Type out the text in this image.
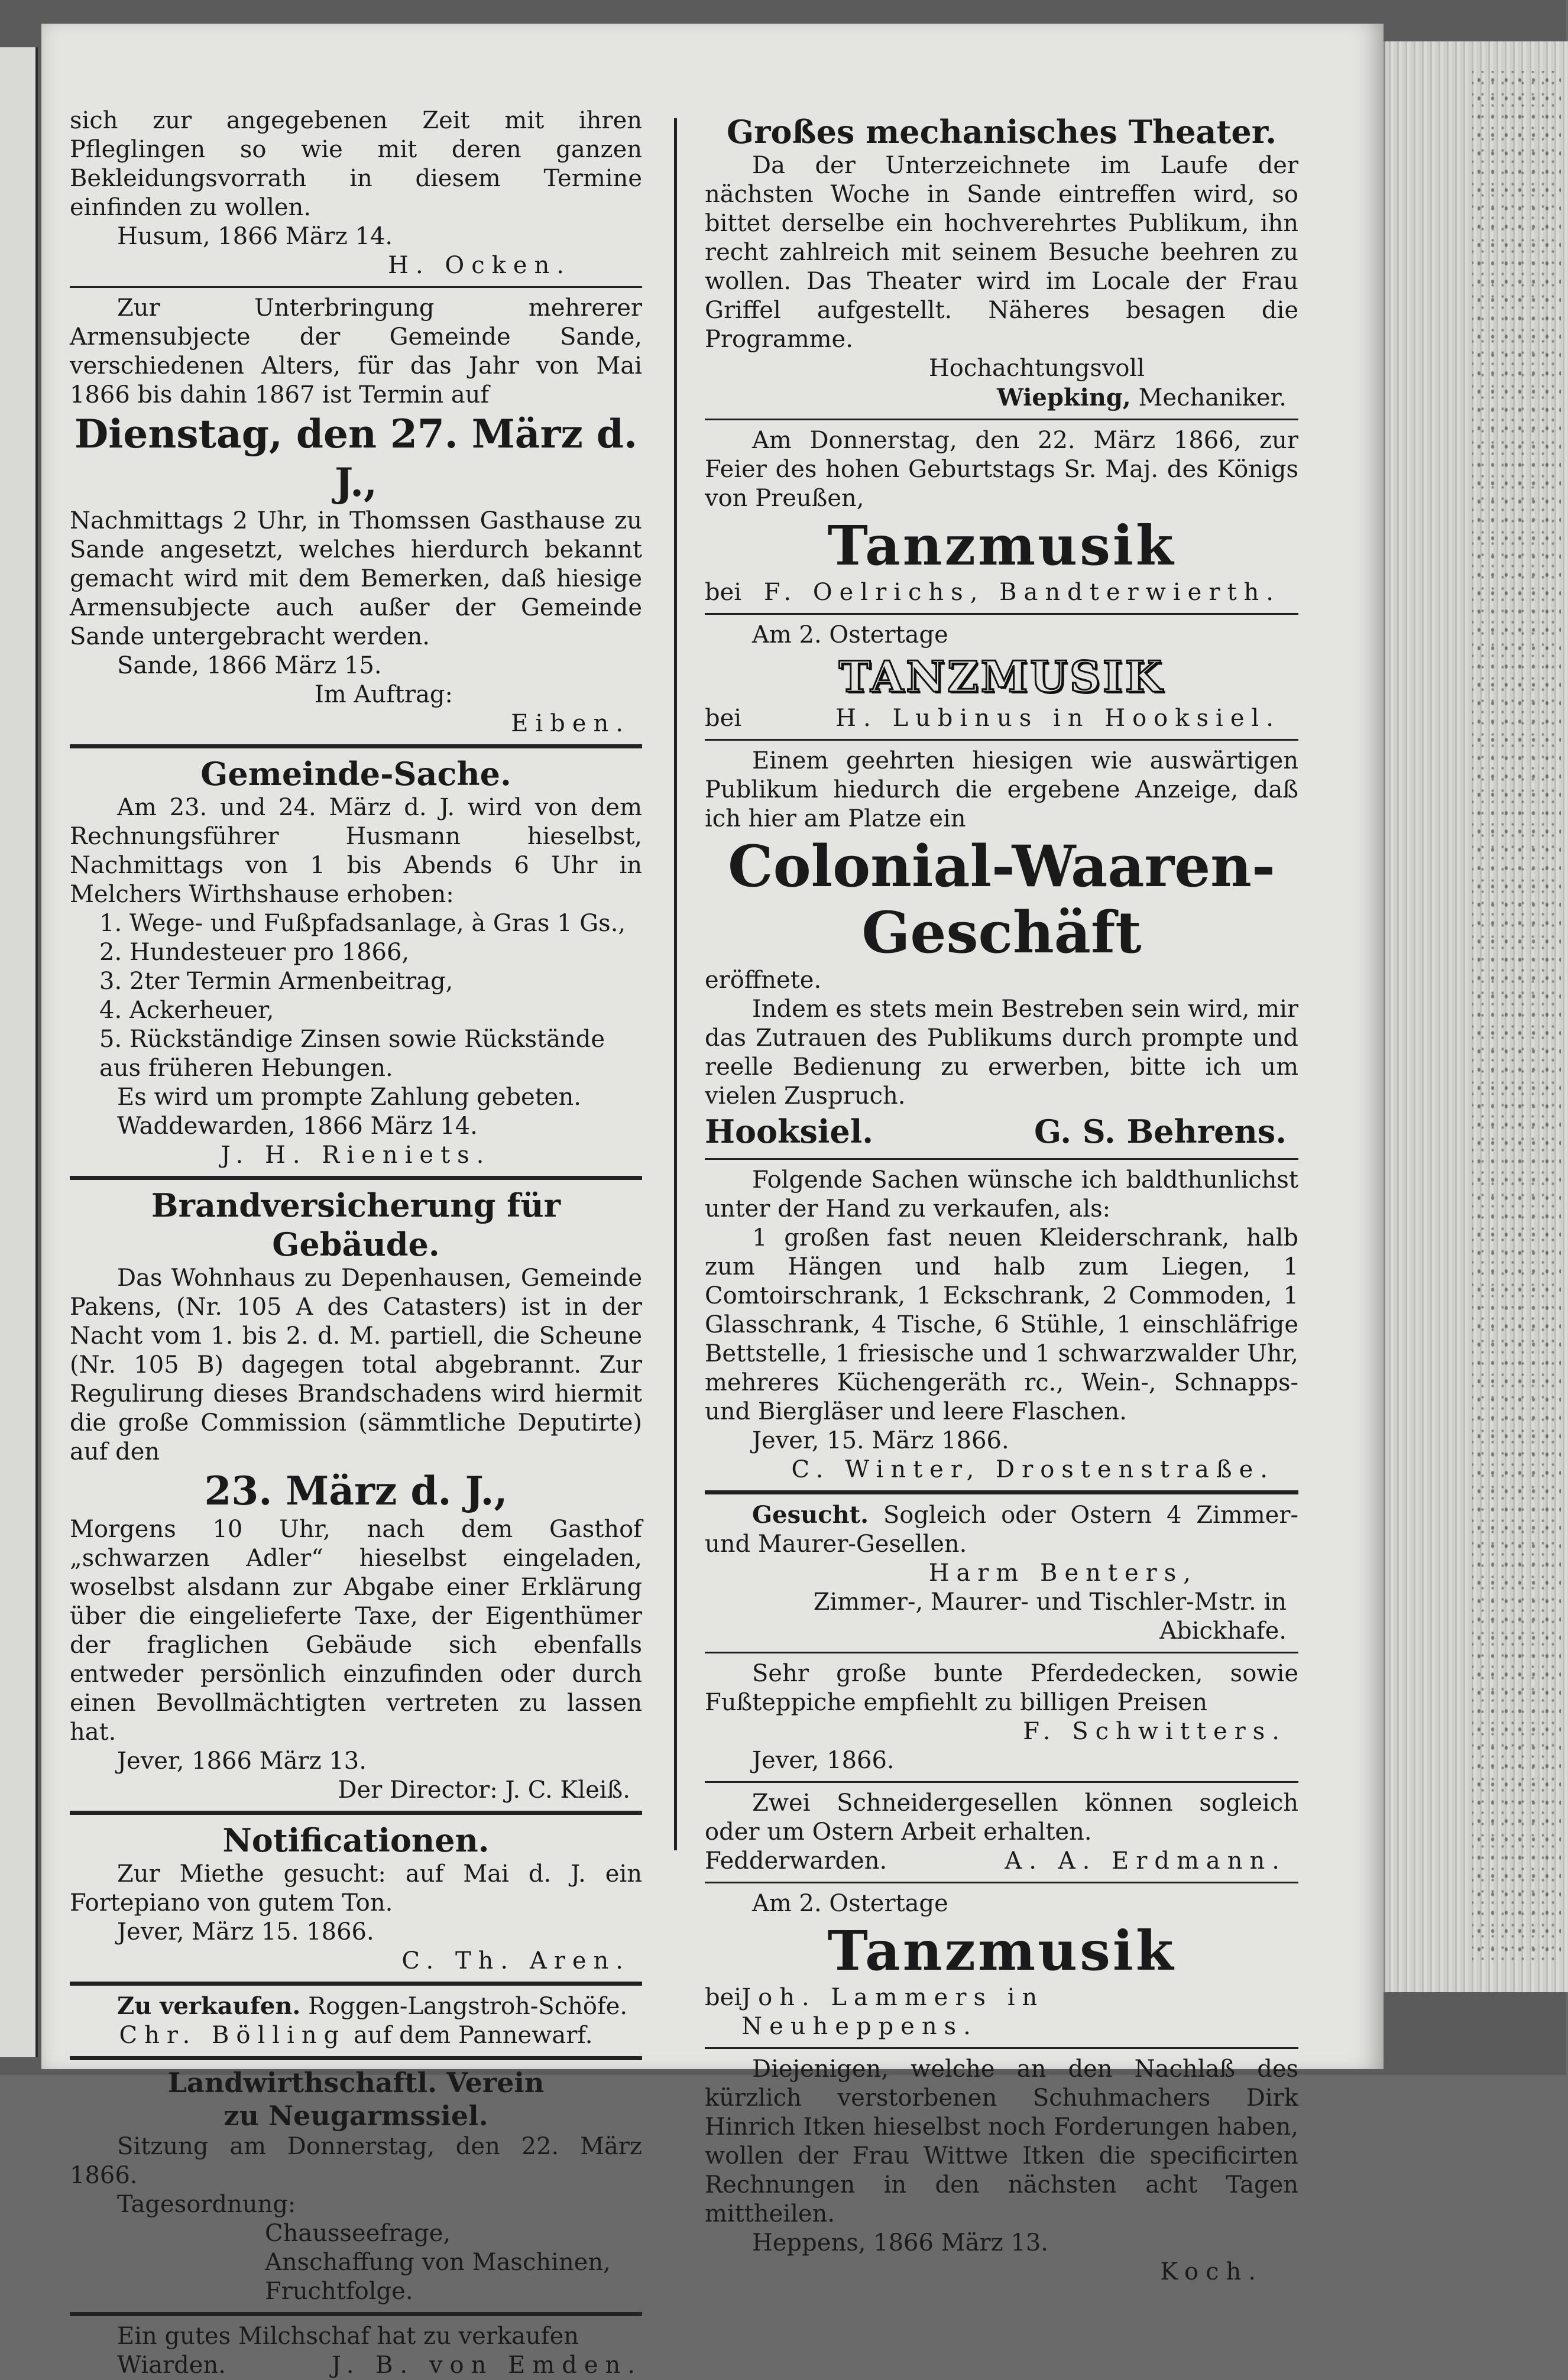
sich zur angegebenen Zeit mit ihren Pfleglingen so wie mit deren ganzen Bekleidungsvorrath in diesem Termine einfinden zu wollen.

Husum, 1866 März 14.

H. Ocken.

Zur Unterbringung mehrerer Armensubjecte der Gemeinde Sande, verschiedenen Alters, für das Jahr von Mai 1866 bis dahin 1867 ist Termin auf

Dienstag, den 27. März d. J.,

Nachmittags 2 Uhr, in Thomssen Gasthause zu Sande angesetzt, welches hierdurch bekannt gemacht wird mit dem Bemerken, daß hiesige Armensubjecte auch außer der Gemeinde Sande untergebracht werden.

Sande, 1866 März 15.

Im Auftrag:

Eiben.

Gemeinde-Sache.

Am 23. und 24. März d. J. wird von dem Rechnungsführer Husmann hieselbst, Nachmittags von 1 bis Abends 6 Uhr in Melchers Wirthshause erhoben:

1. Wege- und Fußpfadsanlage, à Gras 1 Gs.,
2. Hundesteuer pro 1866,
3. 2ter Termin Armenbeitrag,
4. Ackerheuer,
5. Rückständige Zinsen sowie Rückstände aus früheren Hebungen.

Es wird um prompte Zahlung gebeten.

Waddewarden, 1866 März 14.

J. H. Rieniets.

Brandversicherung für Gebäude.

Das Wohnhaus zu Depenhausen, Gemeinde Pakens, (Nr. 105 A des Catasters) ist in der Nacht vom 1. bis 2. d. M. partiell, die Scheune (Nr. 105 B) dagegen total abgebrannt. Zur Regulirung dieses Brandschadens wird hiermit die große Commission (sämmtliche Deputirte) auf den

23. März d. J.,

Morgens 10 Uhr, nach dem Gasthof „schwarzen Adler“ hieselbst eingeladen, woselbst alsdann zur Abgabe einer Erklärung über die eingelieferte Taxe, der Eigenthümer der fraglichen Gebäude sich ebenfalls entweder persönlich einzufinden oder durch einen Bevollmächtigten vertreten zu lassen hat.

Jever, 1866 März 13.

Der Director: J. C. Kleiß.

Notificationen.

Zur Miethe gesucht: auf Mai d. J. ein Fortepiano von gutem Ton.

Jever, März 15. 1866.

C. Th. Aren.

Zu verkaufen. Roggen-Langstroh-Schöfe.

Chr. Bölling auf dem Pannewarf.

Landwirthschaftl. Verein

zu Neugarmssiel.

Sitzung am Donnerstag, den 22. März 1866.

Tagesordnung:

Chausseefrage,

Anschaffung von Maschinen,

Fruchtfolge.

Ein gutes Milchschaf hat zu verkaufen

Wiarden.	J. B. von Emden.

Großes mechanisches Theater.

Da der Unterzeichnete im Laufe der nächsten Woche in Sande eintreffen wird, so bittet derselbe ein hochverehrtes Publikum, ihn recht zahlreich mit seinem Besuche beehren zu wollen. Das Theater wird im Locale der Frau Griffel aufgestellt. Näheres besagen die Programme.

Hochachtungsvoll

Wiepking, Mechaniker.

Am Donnerstag, den 22. März 1866, zur Feier des hohen Geburtstags Sr. Maj. des Königs von Preußen,

Tanzmusik

bei F. Oelrichs, Bandterwierth.

Am 2. Ostertage

TANZMUSIK

bei	H. Lubinus in Hooksiel.

Einem geehrten hiesigen wie auswärtigen Publikum hiedurch die ergebene Anzeige, daß ich hier am Platze ein

Colonial-Waaren-

Geschäft

eröffnete.

Indem es stets mein Bestreben sein wird, mir das Zutrauen des Publikums durch prompte und reelle Bedienung zu erwerben, bitte ich um vielen Zuspruch.

Hooksiel.	G. S. Behrens.

Folgende Sachen wünsche ich baldthunlichst unter der Hand zu verkaufen, als:

1 großen fast neuen Kleiderschrank, halb zum Hängen und halb zum Liegen, 1 Comtoirschrank, 1 Eckschrank, 2 Commoden, 1 Glasschrank, 4 Tische, 6 Stühle, 1 einschläfrige Bettstelle, 1 friesische und 1 schwarzwalder Uhr, mehreres Küchengeräth rc., Wein-, Schnapps- und Biergläser und leere Flaschen.

Jever, 15. März 1866.

C. Winter, Drostenstraße.

Gesucht. Sogleich oder Ostern 4 Zimmer- und Maurer-Gesellen.

Harm Benters,

Zimmer-, Maurer- und Tischler-Mstr. in Abickhafe.

Sehr große bunte Pferdedecken, sowie Fußteppiche empfiehlt zu billigen Preisen

F. Schwitters.

Jever, 1866.

Zwei Schneidergesellen können sogleich oder um Ostern Arbeit erhalten.

Fedderwarden.	A. A. Erdmann.

Am 2. Ostertage

Tanzmusik

bei Joh. Lammers in Neuheppens.

Diejenigen, welche an den Nachlaß des kürzlich verstorbenen Schuhmachers Dirk Hinrich Itken hieselbst noch Forderungen haben, wollen der Frau Wittwe Itken die specificirten Rechnungen in den nächsten acht Tagen mittheilen.

Heppens, 1866 März 13.

Koch.
